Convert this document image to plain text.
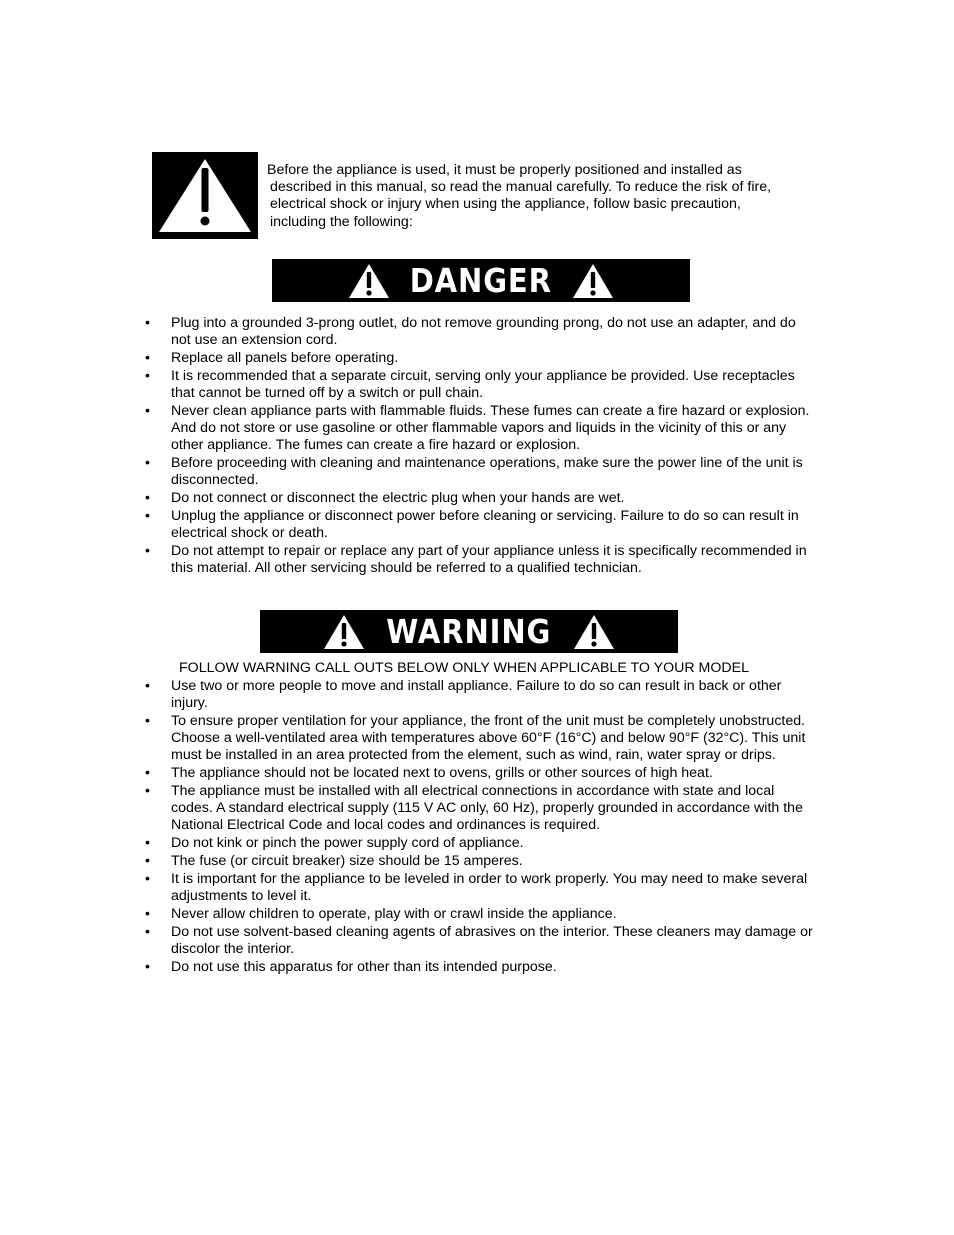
Before the appliance is used, it must be properly positioned and installed as
described in this manual, so read the manual carefully. To reduce the risk of fire,
electrical shock or injury when using the appliance, follow basic precaution,
including the following:
DANGER
• Plug into a grounded 3-prong outlet, do not remove grounding prong, do not use an adapter, and do not use an extension cord.
• Replace all panels before operating.
• It is recommended that a separate circuit, serving only your appliance be provided. Use receptacles that cannot be turned off by a switch or pull chain.
• Never clean appliance parts with flammable fluids. These fumes can create a fire hazard or explosion. And do not store or use gasoline or other flammable vapors and liquids in the vicinity of this or any other appliance. The fumes can create a fire hazard or explosion.
• Before proceeding with cleaning and maintenance operations, make sure the power line of the unit is disconnected.
• Do not connect or disconnect the electric plug when your hands are wet.
• Unplug the appliance or disconnect power before cleaning or servicing. Failure to do so can result in electrical shock or death.
• Do not attempt to repair or replace any part of your appliance unless it is specifically recommended in this material. All other servicing should be referred to a qualified technician.
WARNING
FOLLOW WARNING CALL OUTS BELOW ONLY WHEN APPLICABLE TO YOUR MODEL
• Use two or more people to move and install appliance. Failure to do so can result in back or other injury.
• To ensure proper ventilation for your appliance, the front of the unit must be completely unobstructed. Choose a well-ventilated area with temperatures above 60°F (16°C) and below 90°F (32°C). This unit must be installed in an area protected from the element, such as wind, rain, water spray or drips.
• The appliance should not be located next to ovens, grills or other sources of high heat.
• The appliance must be installed with all electrical connections in accordance with state and local codes. A standard electrical supply (115 V AC only, 60 Hz), properly grounded in accordance with the National Electrical Code and local codes and ordinances is required.
• Do not kink or pinch the power supply cord of appliance.
• The fuse (or circuit breaker) size should be 15 amperes.
• It is important for the appliance to be leveled in order to work properly. You may need to make several adjustments to level it.
• Never allow children to operate, play with or crawl inside the appliance.
• Do not use solvent-based cleaning agents of abrasives on the interior. These cleaners may damage or discolor the interior.
• Do not use this apparatus for other than its intended purpose.
